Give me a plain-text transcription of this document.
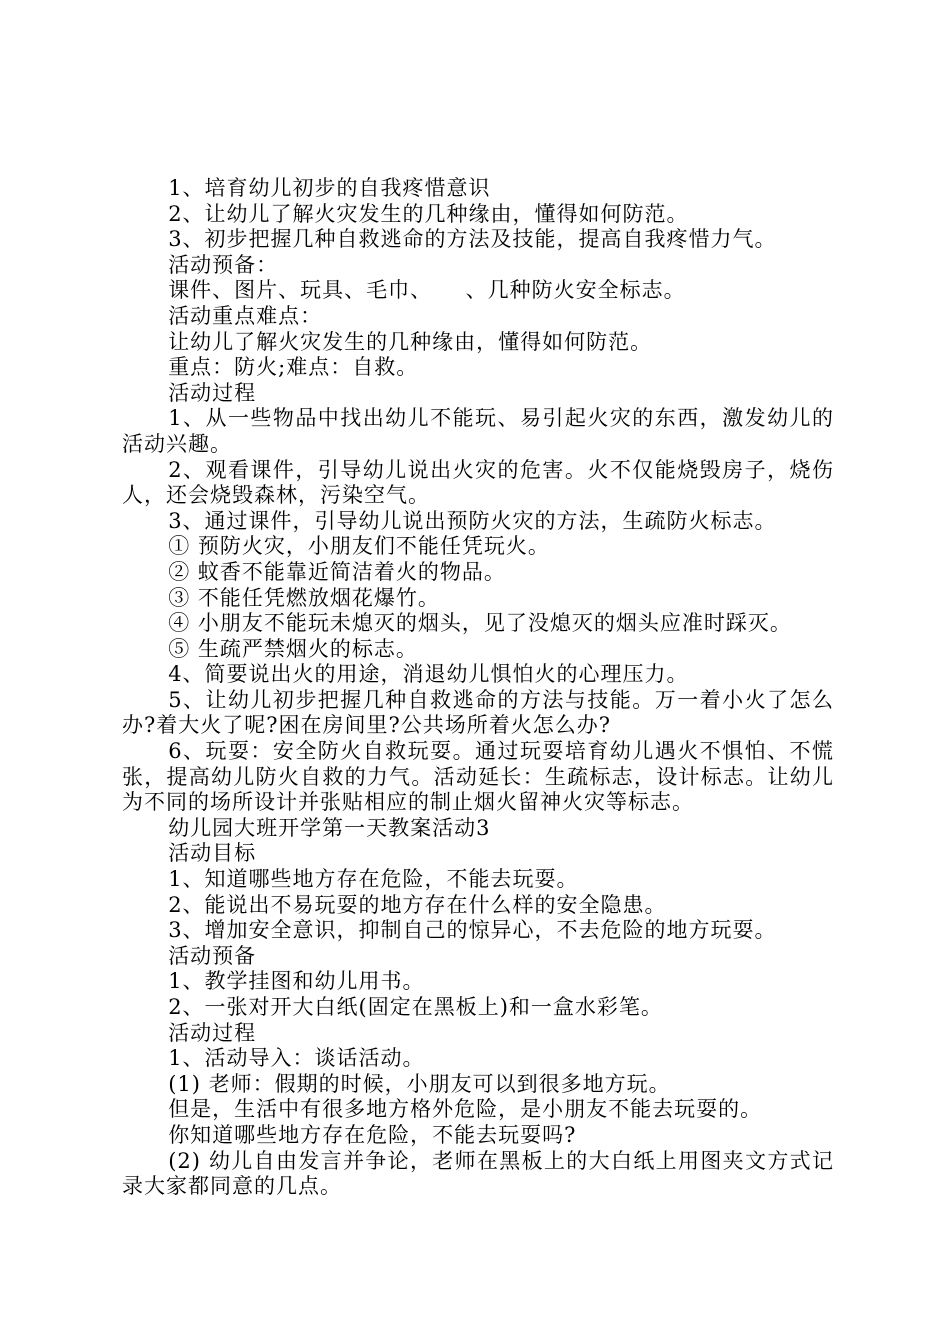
1、培育幼儿初步的自我疼惜意识

2、让幼儿了解火灾发生的几种缘由，懂得如何防范。

3、初步把握几种自救逃命的方法及技能，提高自我疼惜力气。

活动预备：

课件、图片、玩具、毛巾、　　、几种防火安全标志。

活动重点难点：

让幼儿了解火灾发生的几种缘由，懂得如何防范。

重点：防火;难点：自救。

活动过程

1、从一些物品中找出幼儿不能玩、易引起火灾的东西，激发幼儿的活动兴趣。

2、观看课件，引导幼儿说出火灾的危害。火不仅能烧毁房子，烧伤人，还会烧毁森林，污染空气。

3、通过课件，引导幼儿说出预防火灾的方法，生疏防火标志。

① 预防火灾，小朋友们不能任凭玩火。

② 蚊香不能靠近简洁着火的物品。

③ 不能任凭燃放烟花爆竹。

④ 小朋友不能玩未熄灭的烟头，见了没熄灭的烟头应准时踩灭。

⑤ 生疏严禁烟火的标志。

4、简要说出火的用途，消退幼儿惧怕火的心理压力。

5、让幼儿初步把握几种自救逃命的方法与技能。万一着小火了怎么办?着大火了呢?困在房间里?公共场所着火怎么办?

6、玩耍：安全防火自救玩耍。通过玩耍培育幼儿遇火不惧怕、不慌张，提高幼儿防火自救的力气。活动延长：生疏标志，设计标志。让幼儿为不同的场所设计并张贴相应的制止烟火留神火灾等标志。

幼儿园大班开学第一天教案活动3

活动目标

1、知道哪些地方存在危险，不能去玩耍。

2、能说出不易玩耍的地方存在什么样的安全隐患。

3、增加安全意识，抑制自己的惊异心，不去危险的地方玩耍。

活动预备

1、教学挂图和幼儿用书。

2、一张对开大白纸(固定在黑板上)和一盒水彩笔。

活动过程

1、活动导入：谈话活动。

(1) 老师：假期的时候，小朋友可以到很多地方玩。

但是，生活中有很多地方格外危险，是小朋友不能去玩耍的。

你知道哪些地方存在危险，不能去玩耍吗?

(2) 幼儿自由发言并争论，老师在黑板上的大白纸上用图夹文方式记录大家都同意的几点。
